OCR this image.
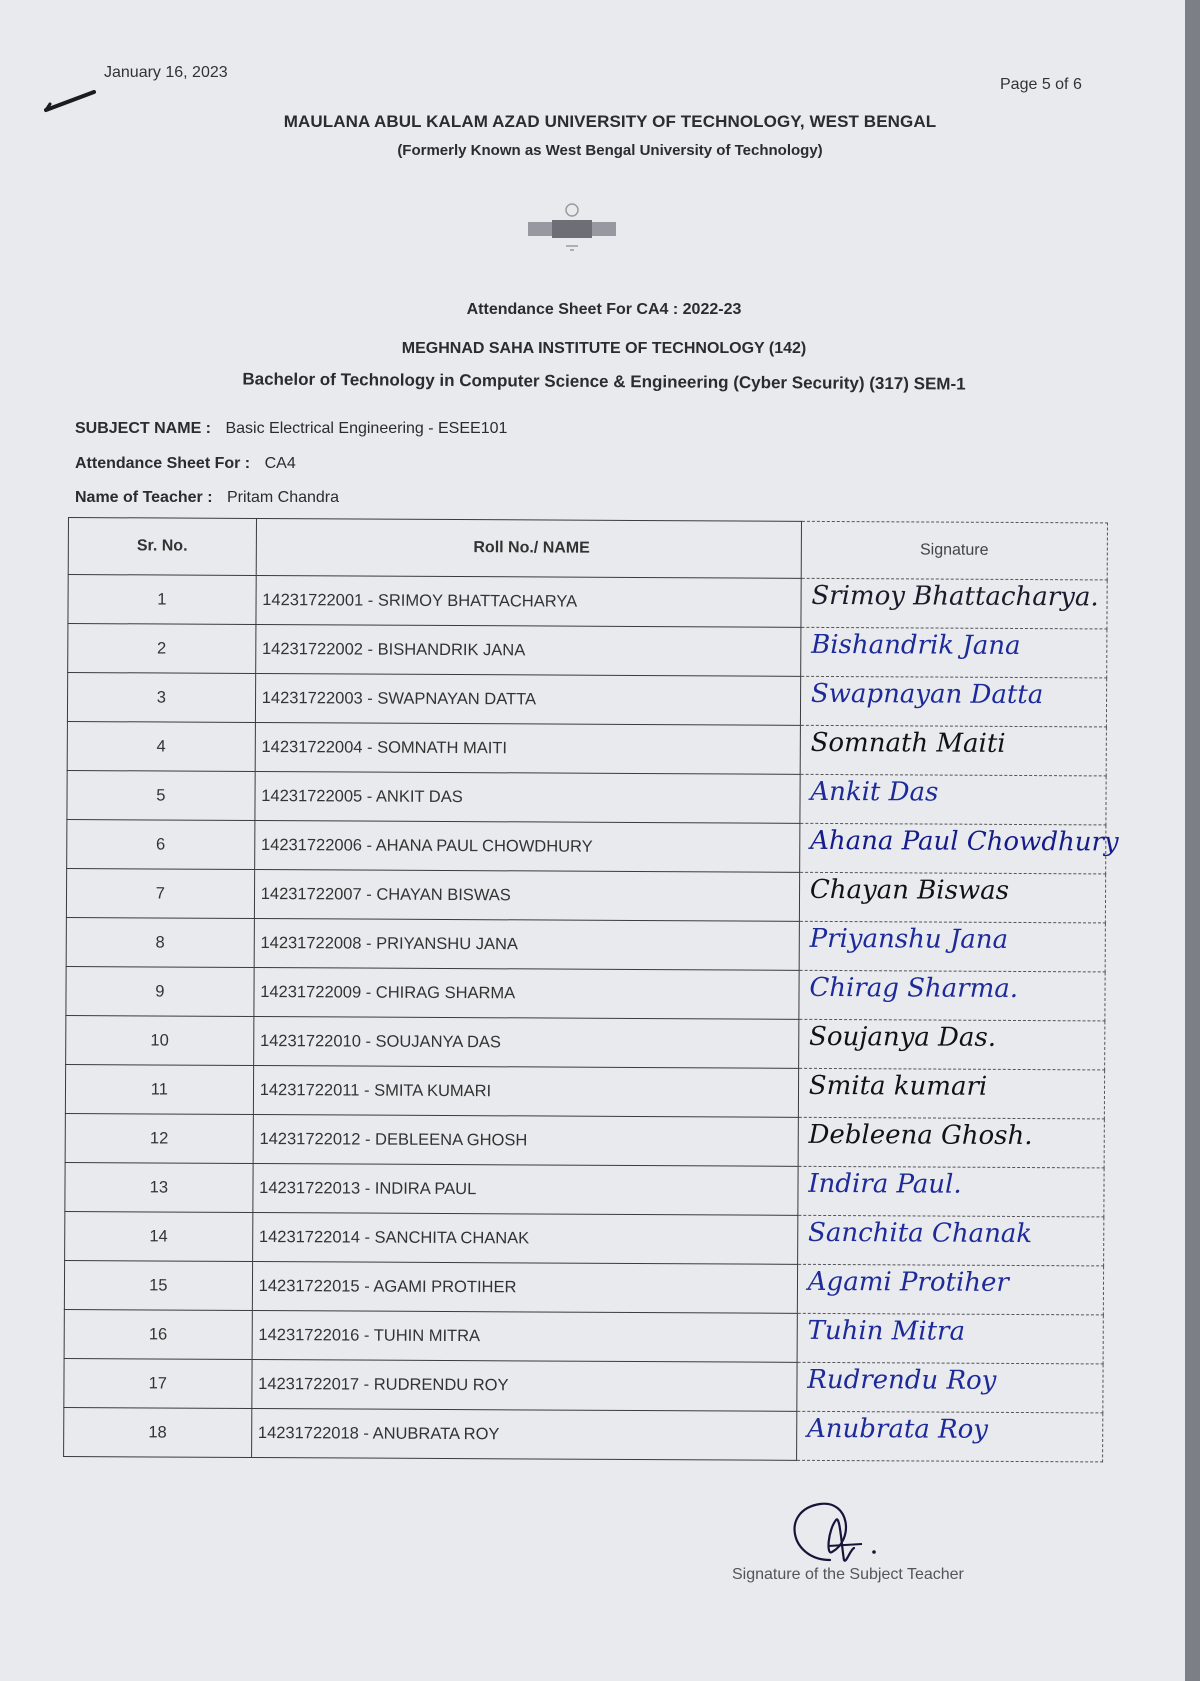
January 16, 2023
Page 5 of 6
MAULANA ABUL KALAM AZAD UNIVERSITY OF TECHNOLOGY, WEST BENGAL
(Formerly Known as West Bengal University of Technology)
Attendance Sheet For CA4 : 2022-23
MEGHNAD SAHA INSTITUTE OF TECHNOLOGY (142)
Bachelor of Technology in Computer Science & Engineering (Cyber Security) (317) SEM-1
SUBJECT NAME : Basic Electrical Engineering - ESEE101
Attendance Sheet For : CA4
Name of Teacher : Pritam Chandra
Sr. No.	Roll No./ NAME	Signature
1	14231722001 - SRIMOY BHATTACHARYA	Srimoy Bhattacharya.

2	14231722002 - BISHANDRIK JANA	Bishandrik Jana

3	14231722003 - SWAPNAYAN DATTA	Swapnayan Datta

4	14231722004 - SOMNATH MAITI	Somnath Maiti

5	14231722005 - ANKIT DAS	Ankit Das

6	14231722006 - AHANA PAUL CHOWDHURY	Ahana Paul Chowdhury

7	14231722007 - CHAYAN BISWAS	Chayan Biswas

8	14231722008 - PRIYANSHU JANA	Priyanshu Jana

9	14231722009 - CHIRAG SHARMA	Chirag Sharma.

10	14231722010 - SOUJANYA DAS	Soujanya Das.

11	14231722011 - SMITA KUMARI	Smita kumari

12	14231722012 - DEBLEENA GHOSH	Debleena Ghosh.

13	14231722013 - INDIRA PAUL	Indira Paul.

14	14231722014 - SANCHITA CHANAK	Sanchita Chanak

15	14231722015 - AGAMI PROTIHER	Agami Protiher

16	14231722016 - TUHIN MITRA	Tuhin Mitra

17	14231722017 - RUDRENDU ROY	Rudrendu Roy

18	14231722018 - ANUBRATA ROY	Anubrata Roy
Signature of the Subject Teacher
